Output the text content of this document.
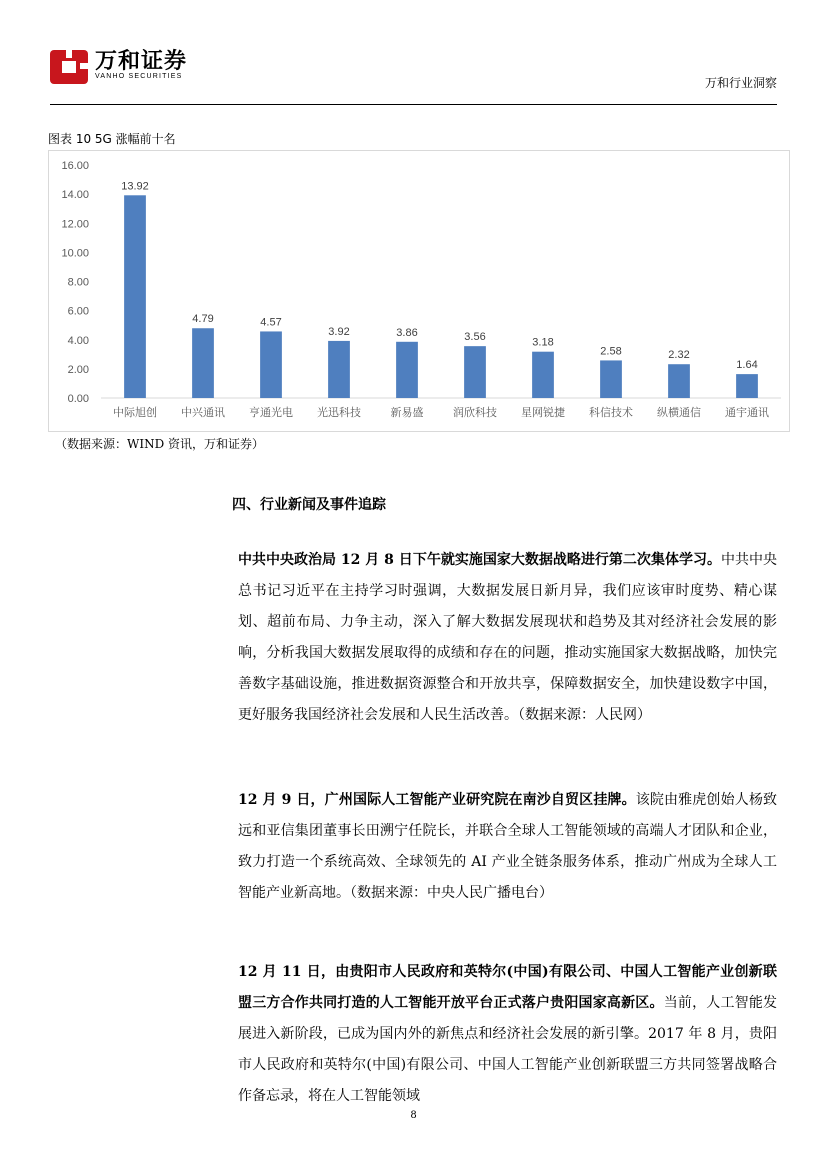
万和证券
VANHO SECURITIES	万和行业洞察
图表 10 5G 涨幅前十名
0.00
2.00
4.00
6.00
8.00
10.00
12.00
14.00
16.00
13.92
中际旭创
4.79
中兴通讯
4.57
亨通光电
3.92
光迅科技
3.86
新易盛
3.56
润欣科技
3.18
星网锐捷
2.58
科信技术
2.32
纵横通信
1.64
通宇通讯
（数据来源：WIND 资讯，万和证券）
四、行业新闻及事件追踪
中共中央政治局 12 月 8 日下午就实施国家大数据战略进行第二次集体学习。中共中央总书记习近平在主持学习时强调，大数据发展日新月异，我们应该审时度势、精心谋划、超前布局、力争主动，深入了解大数据发展现状和趋势及其对经济社会发展的影响，分析我国大数据发展取得的成绩和存在的问题，推动实施国家大数据战略，加快完善数字基础设施，推进数据资源整合和开放共享，保障数据安全，加快建设数字中国，更好服务我国经济社会发展和人民生活改善。（数据来源：人民网）
12 月 9 日，广州国际人工智能产业研究院在南沙自贸区挂牌。该院由雅虎创始人杨致远和亚信集团董事长田溯宁任院长，并联合全球人工智能领域的高端人才团队和企业，致力打造一个系统高效、全球领先的 AI 产业全链条服务体系，推动广州成为全球人工智能产业新高地。（数据来源：中央人民广播电台）
12 月 11 日，由贵阳市人民政府和英特尔(中国)有限公司、中国人工智能产业创新联盟三方合作共同打造的人工智能开放平台正式落户贵阳国家高新区。当前，人工智能发展进入新阶段，已成为国内外的新焦点和经济社会发展的新引擎。2017 年 8 月，贵阳市人民政府和英特尔(中国)有限公司、中国人工智能产业创新联盟三方共同签署战略合作备忘录，将在人工智能领域
8
